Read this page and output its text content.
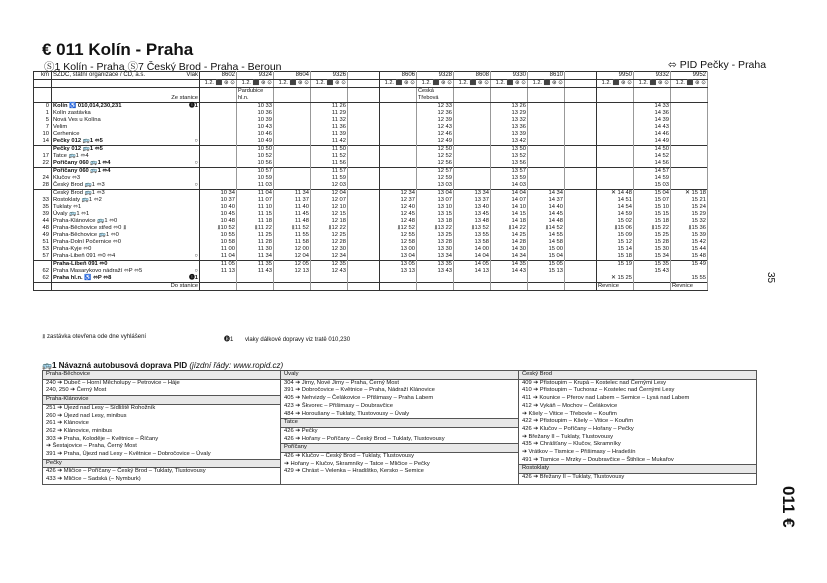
€ 011 Kolín - Praha
Ⓢ1 Kolín - Praha Ⓢ7 Český Brod - Praha - Beroun	⬄ PID Pečky - Praha
km	ŠŽDC, státní organizace / ČD, a.s. Vlak	8602	9324	8604	9326		8606	9328	8608	9330	8610		9950	9332	9952
		1.2. ⬛ ⊛ ⊙	1.2. ⬛ ⊛ ⊙	1.2. ⬛ ⊛ ⊙	1.2. ⬛ ⊛ ⊙		1.2. ⬛ ⊛ ⊙	1.2. ⬛ ⊛ ⊙	1.2. ⬛ ⊛ ⊙	1.2. ⬛ ⊛ ⊙	1.2. ⬛ ⊛ ⊙		1.2. ⬛ ⊛ ⊙	1.2. ⬛ ⊛ ⊙	1.2. ⬛ ⊛ ⊙
	Ze stanice		Pardubice hl.n.					Česká Třebová							
0	Kolín ♿ 010,014,230,231 🅑1		10 33		11 26			12 33		13 26				14 33	
1	Kolín zastávka		10 36		11 29			12 36		13 29				14 36	
5	Nová Ves u Kolína		10 39		11 32			12 39		13 32				14 39	
7	Velim		10 43		11 36			12 43		13 36				14 43	
10	Cerhenice		10 46		11 39			12 46		13 39				14 46	
14	Pečky 012 🚌1 ⬄5 ○		10 49		11 42			12 49		13 42				14 49	
	Pečky 012 🚌1 ⬄5		10 50		11 50			12 50		13 50				14 50	
17	Tatce 🚌1 ⬄4		10 52		11 52			12 52		13 52				14 52	
22	Poříčany 060 🚌1 ⬄4 ○		10 56		11 56			12 56		13 56				14 56	
	Poříčany 060 🚌1 ⬄4		10 57		11 57			12 57		13 57				14 57	
24	Klučov ⬄3		10 59		11 59			12 59		13 59				14 59	
28	Český Brod 🚌1 ⬄3 ○		11 03		12 03			13 03		14 03				15 03	
	Český Brod 🚌1 ⬄3	10 34	11 04	11 34	12 04		12 34	13 04	13 34	14 04	14 34		✕ 14 48	15 04	✕ 15 18
33	Rostoklaty 🚌1 ⬄2	10 37	11 07	11 37	12 07		12 37	13 07	13 37	14 07	14 37		14 51	15 07	15 21
35	Tuklaty ⬄1	10 40	11 10	11 40	12 10		12 40	13 10	13 40	14 10	14 40		14 54	15 10	15 24
39	Úvaly 🚌1 ⬄1	10 45	11 15	11 45	12 15		12 45	13 15	13 45	14 15	14 45		14 59	15 15	15 29
44	Praha-Klánovice 🚌1 ⬄0	10 48	11 18	11 48	12 18		12 48	13 18	13 48	14 18	14 48		15 02	15 18	15 32
48	Praha-Běchovice střed ⬄0 ⫫	⫫10 52	⫫11 22	⫫11 52	⫫12 22		⫫12 52	⫫13 22	⫫13 52	⫫14 22	⫫14 52		⫫15 06	⫫15 22	⫫15 36
49	Praha-Běchovice 🚌1 ⬄0	10 55	11 25	11 55	12 25		12 55	13 25	13 55	14 25	14 55		15 09	15 25	15 39
51	Praha-Dolní Počernice ⬄0	10 58	11 28	11 58	12 28		12 58	13 28	13 58	14 28	14 58		15 12	15 28	15 42
53	Praha-Kyje ⬄0	11 00	11 30	12 00	12 30		13 00	13 30	14 00	14 30	15 00		15 14	15 30	15 44
57	Praha-Libeň 091 ⬄0 ⬄4 ○	11 04	11 34	12 04	12 34		13 04	13 34	14 04	14 34	15 04		15 18	15 34	15 48
	Praha-Libeň 091 ⬄0	11 05	11 35	12 05	12 35		13 05	13 35	14 05	14 35	15 05		15 19	15 35	15 49
62	Praha Masarykovo nádraží ⬄P ⬄5 ○	11 13	11 43	12 13	12 43		13 13	13 43	14 13	14 43	15 13			15 43	
62	Praha hl.n. ♿ ⬄P ⬄8 🅑1												✕ 15 25		15 55
	Do stanice												Řevnice		Řevnice
⫫ zastávka otevřena ode dne vyhlášení	🅑1 vlaky dálkové dopravy viz tratě 010,230
🚌1 Návazná autobusová doprava PID (jízdní řády: www.ropid.cz)
Praha-Běchovice
240 ➔ Dubeč – Horní Měcholupy – Petrovice – Háje
240, 250 ➔ Černý Most
Praha-Klánovice
251 ➔ Újezd nad Lesy – Sídliště Rohožník
260 ➔ Újezd nad Lesy, minibus
261 ➔ Klánovice
262 ➔ Klánovice, minibus
303 ➔ Praha, Koloděje – Květnice – Říčany
➔ Šestajovice – Praha, Černý Most
391 ➔ Praha, Újezd nad Lesy – Květnice – Dobročovice – Úvaly
Pečky
426 ➔ Mličice – Poříčany – Český Brod – Tuklaty, Tlustovousy
433 ➔ Mličice – Sadská (– Nymburk)

Úvaly
304 ➔ Jirny, Nové Jirny – Praha, Černý Most
391 ➔ Dobročovice – Květnice – Praha, Nádraží Klánovice
405 ➔ Nehvizdy – Čelákovice – Přišimasy – Praha Labem
423 ➔ Škvorec – Přišimasy – Doubravčice
484 ➔ Horoušany – Tuklaty, Tlustovousy – Úvaly
Tatce
426 ➔ Pečky
426 ➔ Hořany – Poříčany – Český Brod – Tuklaty, Tlustovousy
Poříčany
426 ➔ Klučov – Český Brod – Tuklaty, Tlustovousy
➔ Hořany – Klučov, Skramníky – Tatce – Mličice – Pečky
429 ➔ Chrást – Velenka – Hradištko, Kersko – Semice

Český Brod
409 ➔ Přistoupim – Krupá – Kostelec nad Černými Lesy
410 ➔ Přistoupim – Tuchoraz – Kostelec nad Černými Lesy
411 ➔ Kounice – Přerov nad Labem – Semice – Lysá nad Labem
412 ➔ Vykáň – Mochov – Čelákovice
➔ Kšely – Vitice – Třebovle – Kouřim
422 ➔ Přistoupim – Kšely – Vitice – Kouřim
426 ➔ Klučov – Poříčany – Hořany – Pečky
➔ Břežany II – Tuklaty, Tlustovousy
435 ➔ Chrášťany – Klučov, Skramníky
➔ Vrátkov – Tismice – Přišimasy – Hradešín
491 ➔ Tismice – Mrzky – Doubravčice – Štihlice – Mukařov
Rostoklaty
426 ➔ Břežany II – Tuklaty, Tlustovousy
35
011 €
